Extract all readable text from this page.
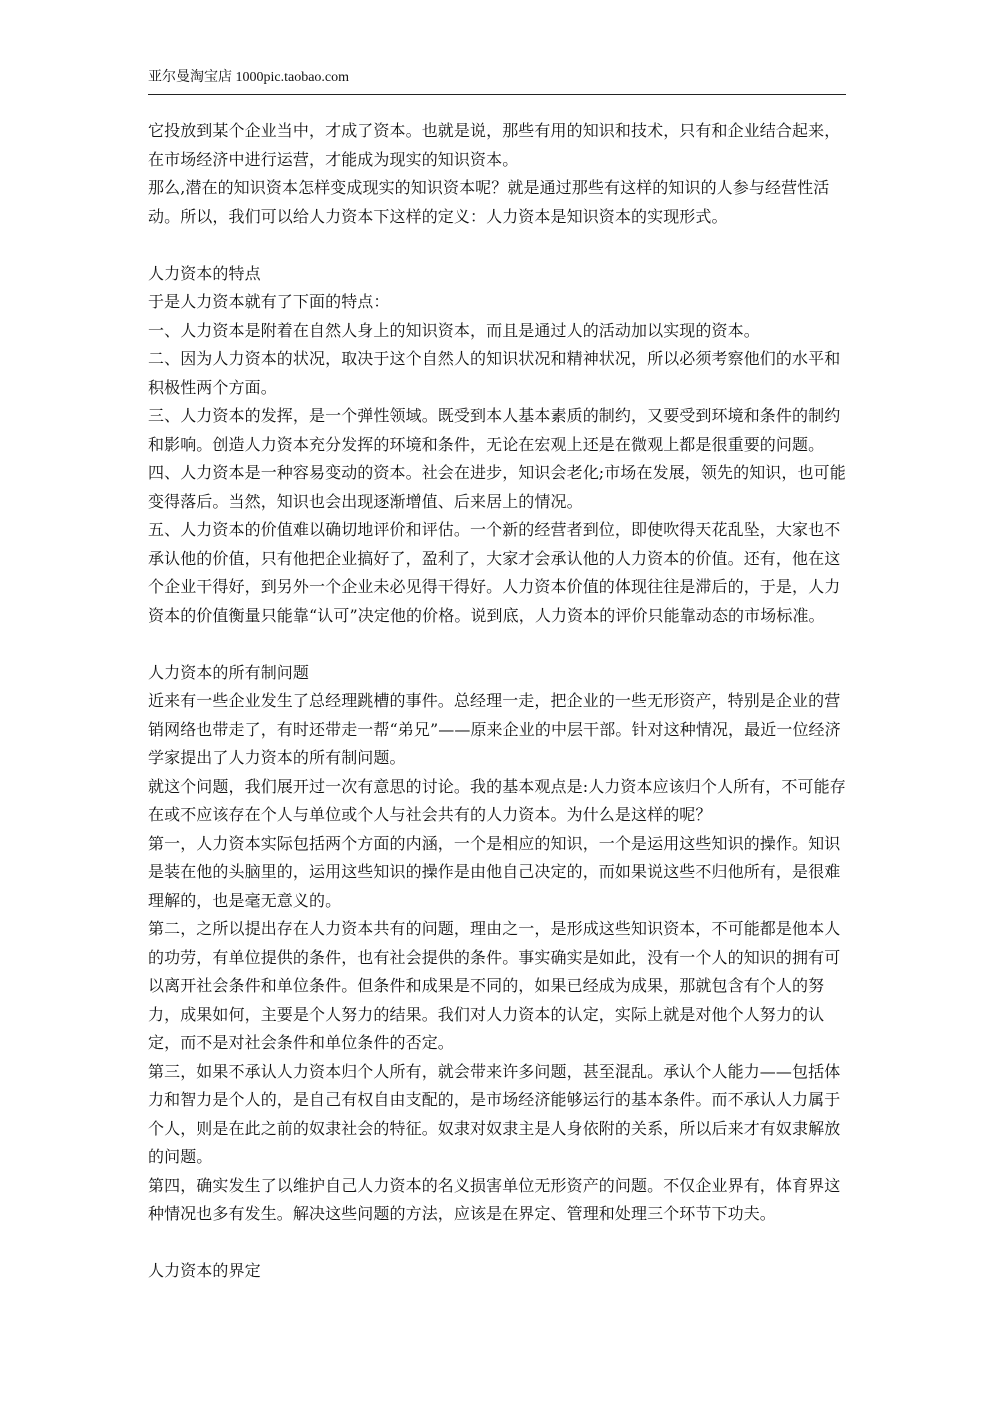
亚尔曼淘宝店 1000pic.taobao.com

它投放到某个企业当中，才成了资本。也就是说，那些有用的知识和技术，只有和企业结合起来，在市场经济中进行运营，才能成为现实的知识资本。

那么,潜在的知识资本怎样变成现实的知识资本呢？就是通过那些有这样的知识的人参与经营性活动。所以，我们可以给人力资本下这样的定义：人力资本是知识资本的实现形式。

人力资本的特点

于是人力资本就有了下面的特点：

一、人力资本是附着在自然人身上的知识资本，而且是通过人的活动加以实现的资本。

二、因为人力资本的状况，取决于这个自然人的知识状况和精神状况，所以必须考察他们的水平和积极性两个方面。

三、人力资本的发挥，是一个弹性领域。既受到本人基本素质的制约，又要受到环境和条件的制约和影响。创造人力资本充分发挥的环境和条件，无论在宏观上还是在微观上都是很重要的问题。

四、人力资本是一种容易变动的资本。社会在进步，知识会老化;市场在发展，领先的知识，也可能变得落后。当然，知识也会出现逐渐增值、后来居上的情况。

五、人力资本的价值难以确切地评价和评估。一个新的经营者到位，即使吹得天花乱坠，大家也不承认他的价值，只有他把企业搞好了，盈利了，大家才会承认他的人力资本的价值。还有，他在这个企业干得好，到另外一个企业未必见得干得好。人力资本价值的体现往往是滞后的，于是，人力资本的价值衡量只能靠“认可”决定他的价格。说到底，人力资本的评价只能靠动态的市场标准。

人力资本的所有制问题

近来有一些企业发生了总经理跳槽的事件。总经理一走，把企业的一些无形资产，特别是企业的营销网络也带走了，有时还带走一帮“弟兄”——原来企业的中层干部。针对这种情况，最近一位经济学家提出了人力资本的所有制问题。

就这个问题，我们展开过一次有意思的讨论。我的基本观点是:人力资本应该归个人所有，不可能存在或不应该存在个人与单位或个人与社会共有的人力资本。为什么是这样的呢？

第一，人力资本实际包括两个方面的内涵，一个是相应的知识，一个是运用这些知识的操作。知识是装在他的头脑里的，运用这些知识的操作是由他自己决定的，而如果说这些不归他所有，是很难理解的，也是毫无意义的。

第二，之所以提出存在人力资本共有的问题，理由之一，是形成这些知识资本，不可能都是他本人的功劳，有单位提供的条件，也有社会提供的条件。事实确实是如此，没有一个人的知识的拥有可以离开社会条件和单位条件。但条件和成果是不同的，如果已经成为成果，那就包含有个人的努力，成果如何，主要是个人努力的结果。我们对人力资本的认定，实际上就是对他个人努力的认定，而不是对社会条件和单位条件的否定。

第三，如果不承认人力资本归个人所有，就会带来许多问题，甚至混乱。承认个人能力——包括体力和智力是个人的，是自己有权自由支配的，是市场经济能够运行的基本条件。而不承认人力属于个人，则是在此之前的奴隶社会的特征。奴隶对奴隶主是人身依附的关系，所以后来才有奴隶解放的问题。

第四，确实发生了以维护自己人力资本的名义损害单位无形资产的问题。不仅企业界有，体育界这种情况也多有发生。解决这些问题的方法，应该是在界定、管理和处理三个环节下功夫。

人力资本的界定
